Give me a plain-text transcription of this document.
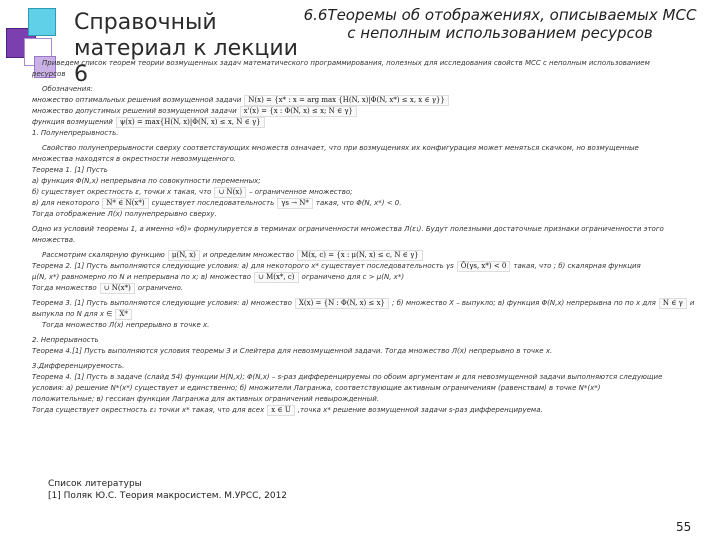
Справочный
материал к лекции 6
6.6Теоремы об отображениях, описываемых МСС с неполным использованием ресурсов
Приведем список теорем теории возмущенных задач математического программирования, полезных для исследования свойств МСС с неполным использованием
ресурсов
Обозначения:
множество оптимальных решений возмущенной задачи N(x) = {x* : x = arg max {H(N, x)|Φ(N, x*) ≤ x, x ∈ γ}}
множество допустимых решений возмущенной задачи x'(x) = {x : Φ(N, x) ≤ x; N ∈ γ}
функция возмущений ψ(x) = max{H(N, x)|Φ(N, x) ≤ x, N ∈ γ}
1. Полунепрерывность.
Свойство полунепрерывности сверху соответствующих множеств означает, что при возмущениях их конфигурация может меняться скачком, но возмущенные
множества находятся в окрестности невозмущенного.
Теорема 1. [1] Пусть
а) функция Φ(N,x) непрерывна по совокупности переменных;
б) существует окрестность ε, точки x такая, что ∪ N(x) – ограниченное множество;
в) для некоторого N* ∈ N(x*) существует последовательность γs → N* такая, что Φ(N, x*) < 0.
Тогда отображение Л(x) полунепрерывно сверху.
Одно из условий теоремы 1, а именно «б)» формулируется в терминах ограниченности множества Л(ε₁). Будут полезными достаточные признаки ограниченности этого
множества.
Рассмотрим скалярную функцию μ(N, x) и определим множество M(x, c) = {x : μ(N, x) ≤ c, N ∈ γ}
Теорема 2. [1] Пусть выполняются следующие условия: а) для некоторого x* существует последовательность γs Ô(γs, x*) < 0 такая, что ; б) скалярная функция
μ(N, x*) равномерно по N и непрерывна по x; в) множество ∪ M(x*, c) ограничено для c > μ(N, x*)
Тогда множество ∪ N(x*) ограничено.
Теорема 3. [1] Пусть выполняются следующие условия: а) множество X(x) = {N : Φ(N, x) ≤ x} ; б) множество X – выпукло; в) функция Φ(N,x) непрерывна по по x для N ∈ γ и
выпукла по N для x ∈ X*
Тогда множество Л(x) непрерывно в точке x.
2. Непрерывность
Теорема 4.[1] Пусть выполняются условия теоремы 3 и Слейтера для невозмущенной задачи. Тогда множество Л(x) непрерывно в точке x.
3.Дифференцируемость.
Теорема 4. [1] Пусть в задаче (слайд 54) функции H(N,x); Φ(N,x) – s-раз дифференцируемы по обоим аргументам и для невозмущенной задачи выполняются следующие
условия: а) решение N*(x*) существует и единственно; б) множители Лагранжа, соответствующие активным ограничениям (равенствам) в точке N*(x*)
положительные; в) гессиан функции Лагранжа для активных ограничений невырожденный.
Тогда существует окрестность ε₁ точки x* такая, что для всех x ∈ U ,точка x* решение возмущенной задачи s-раз дифференцируема.
Список литературы
[1] Поляк Ю.С. Теория макросистем. М.УРСС, 2012
55
